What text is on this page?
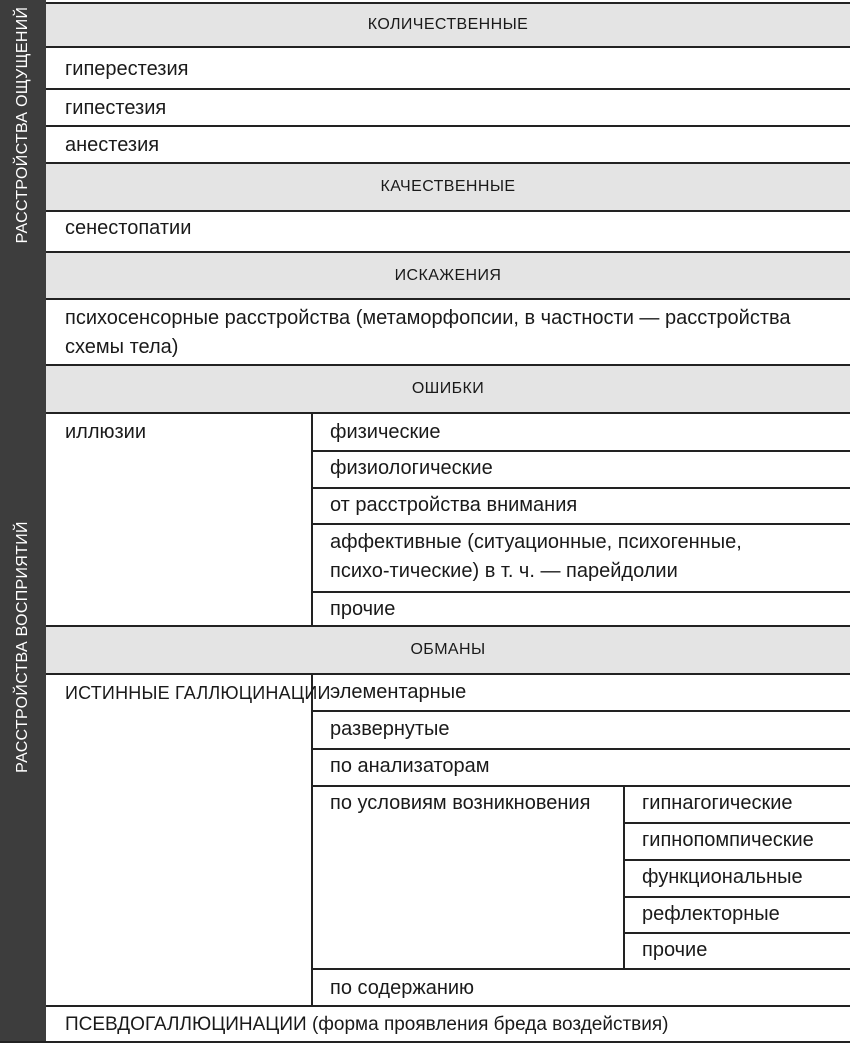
РАССТРОЙСТВА ОЩУЩЕНИЙ
РАССТРОЙСТВА ВОСПРИЯТИЙ
КОЛИЧЕСТВЕННЫЕ
КАЧЕСТВЕННЫЕ
ИСКАЖЕНИЯ
ОШИБКИ
ОБМАНЫ
гиперестезия
гипестезия
анестезия
сенестопатии
психосенсорные расстройства (метаморфопсии, в частности — расстройства схемы тела)
иллюзии	физические
физиологические
от расстройства внимания
аффективные (ситуационные, психогенные, психо-тические) в т. ч. — парейдолии
прочие
ИСТИННЫЕ ГАЛЛЮЦИНАЦИИ элементарные
развернутые
по анализаторам
по условиям возникновения
по содержанию
гипнагогические
гипнопомпические
функциональные
рефлекторные
прочие
ПСЕВДОГАЛЛЮЦИНАЦИИ (форма проявления бреда воздействия)
